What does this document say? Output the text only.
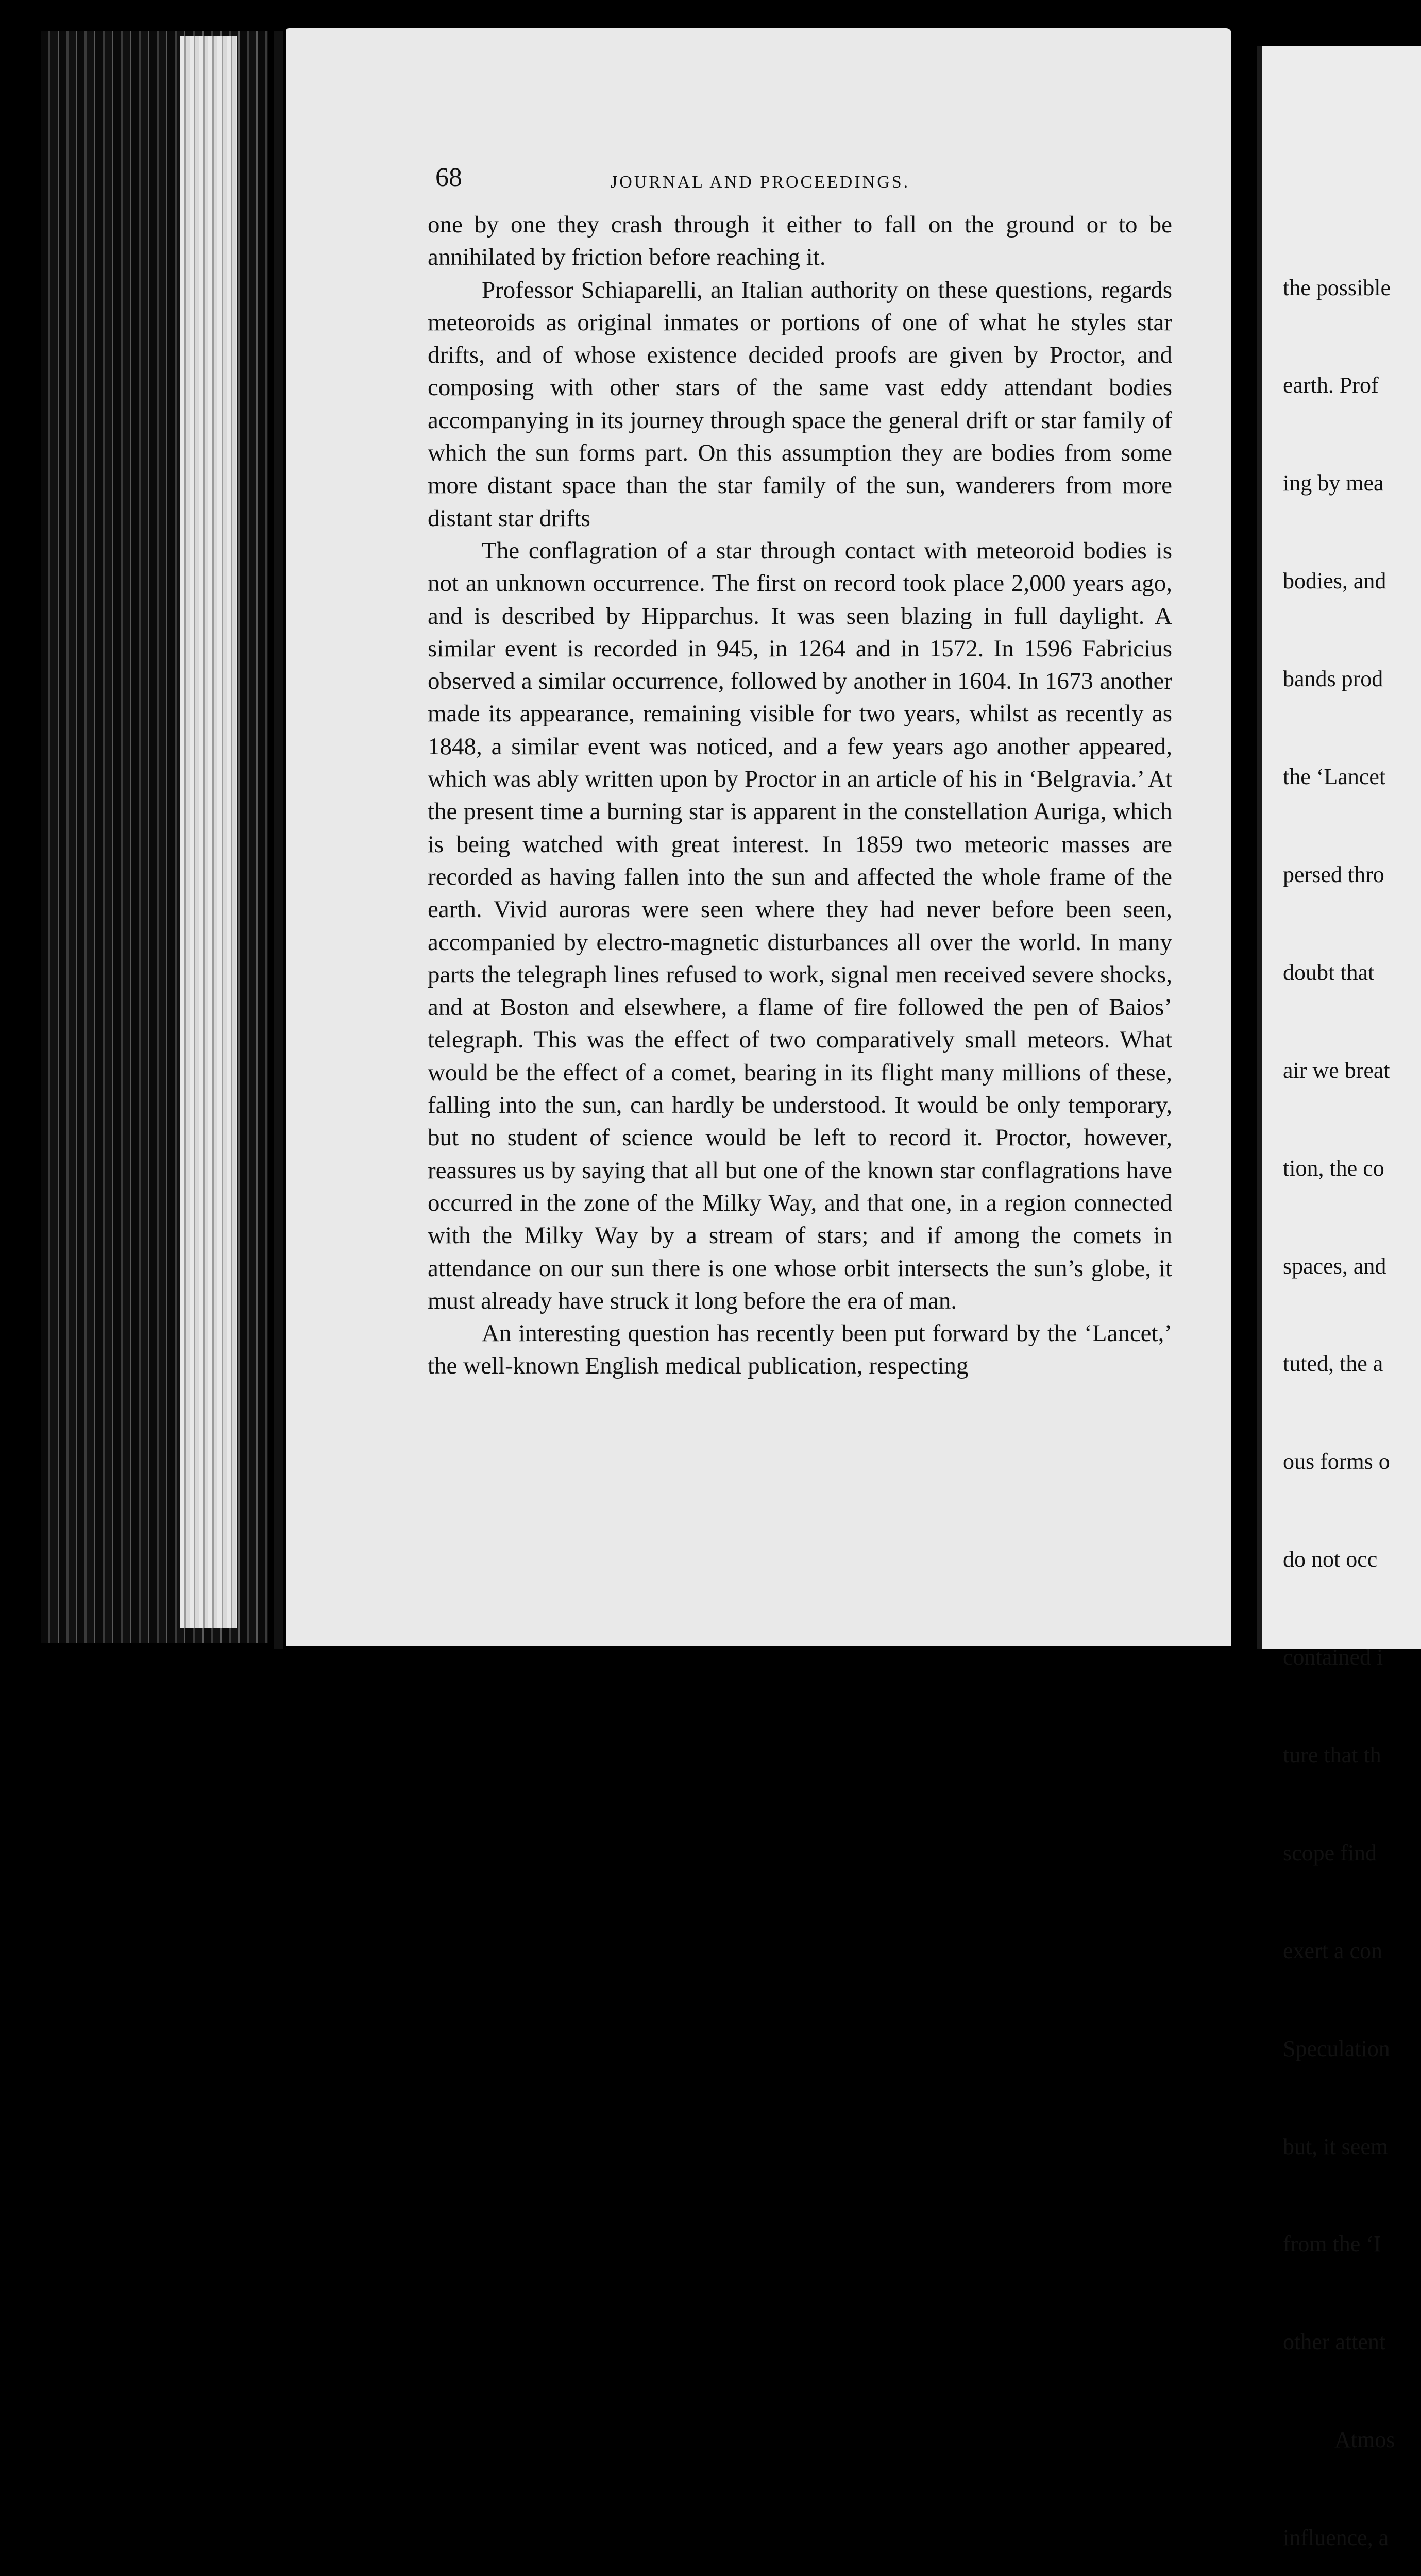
68	JOURNAL AND PROCEEDINGS.

one by one they crash through it either to fall on the ground or to be annihilated by friction before reaching it.

Professor Schiaparelli, an Italian authority on these questions, regards meteoroids as original inmates or portions of one of what he styles star drifts, and of whose existence decided proofs are given by Proctor, and composing with other stars of the same vast eddy attendant bodies accompanying in its journey through space the general drift or star family of which the sun forms part. On this assumption they are bodies from some more distant space than the star family of the sun, wanderers from more distant star drifts

The conflagration of a star through contact with meteoroid bodies is not an unknown occurrence. The first on record took place 2,000 years ago, and is described by Hipparchus. It was seen blazing in full daylight. A similar event is recorded in 945, in 1264 and in 1572. In 1596 Fabricius observed a similar occurrence, followed by another in 1604. In 1673 another made its appearance, remaining visible for two years, whilst as recently as 1848, a similar event was noticed, and a few years ago another appeared, which was ably written upon by Proctor in an article of his in ‘Belgravia.’ At the present time a burning star is apparent in the constellation Auriga, which is being watched with great interest. In 1859 two meteoric masses are recorded as having fallen into the sun and affected the whole frame of the earth. Vivid auroras were seen where they had never before been seen, accompanied by electro-magnetic disturbances all over the world. In many parts the telegraph lines refused to work, signal men received severe shocks, and at Boston and elsewhere, a flame of fire followed the pen of Baios’ telegraph. This was the effect of two comparatively small meteors. What would be the effect of a comet, bearing in its flight many millions of these, falling into the sun, can hardly be understood. It would be only temporary, but no student of science would be left to record it. Proctor, however, reassures us by saying that all but one of the known star conflagrations have occurred in the zone of the Milky Way, and that one, in a region connected with the Milky Way by a stream of stars; and if among the comets in attendance on our sun there is one whose orbit intersects the sun’s globe, it must already have struck it long before the era of man.

An interesting question has recently been put forward by the ‘Lancet,’ the well-known English medical publication, respecting

the possible

earth. Prof

ing by mea

bodies, and

bands prod

the ‘Lancet

persed thro

doubt that

air we breat

tion, the co

spaces, and

tuted, the a

ous forms o

do not occ

contained i

ture that th

scope find

exert a con

Speculation

but, it seem

from the ‘I

other attent

Atmos

influence, a
